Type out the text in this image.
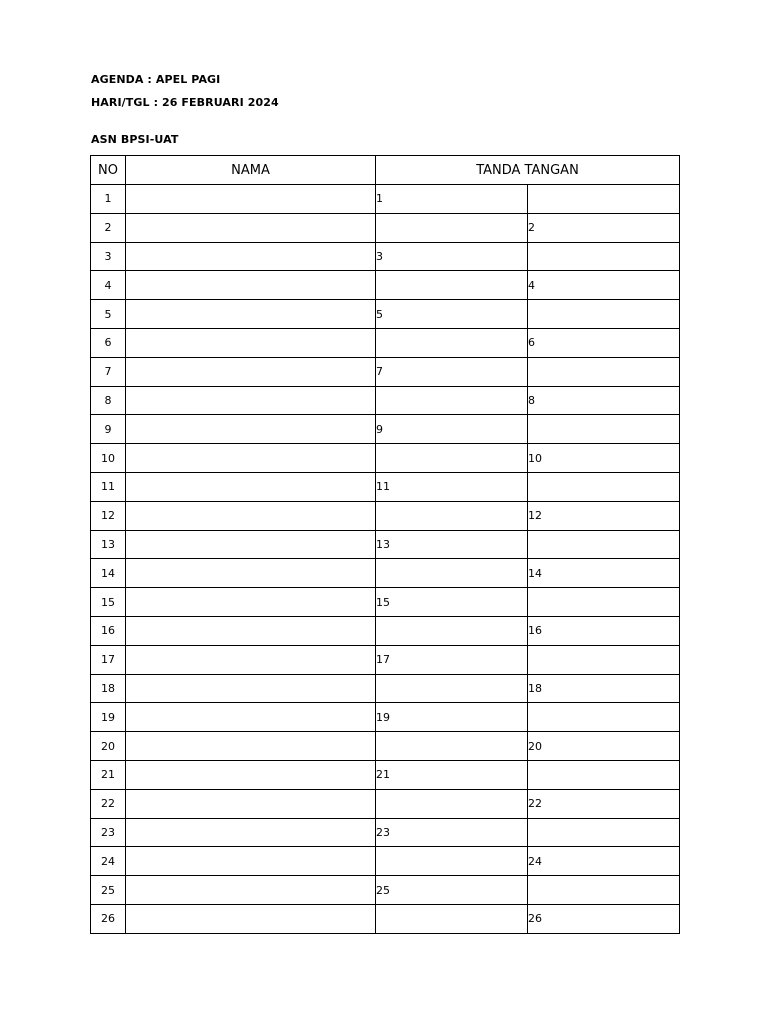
AGENDA : APEL PAGI
HARI/TGL : 26 FEBRUARI 2024
ASN BPSI-UAT
NO	NAMA	TANDA TANGAN	
1		1	
2			2
3		3	
4			4
5		5	
6			6
7		7	
8			8
9		9	
10			10
11		11	
12			12
13		13	
14			14
15		15	
16			16
17		17	
18			18
19		19	
20			20
21		21	
22			22
23		23	
24			24
25		25	
26			26
